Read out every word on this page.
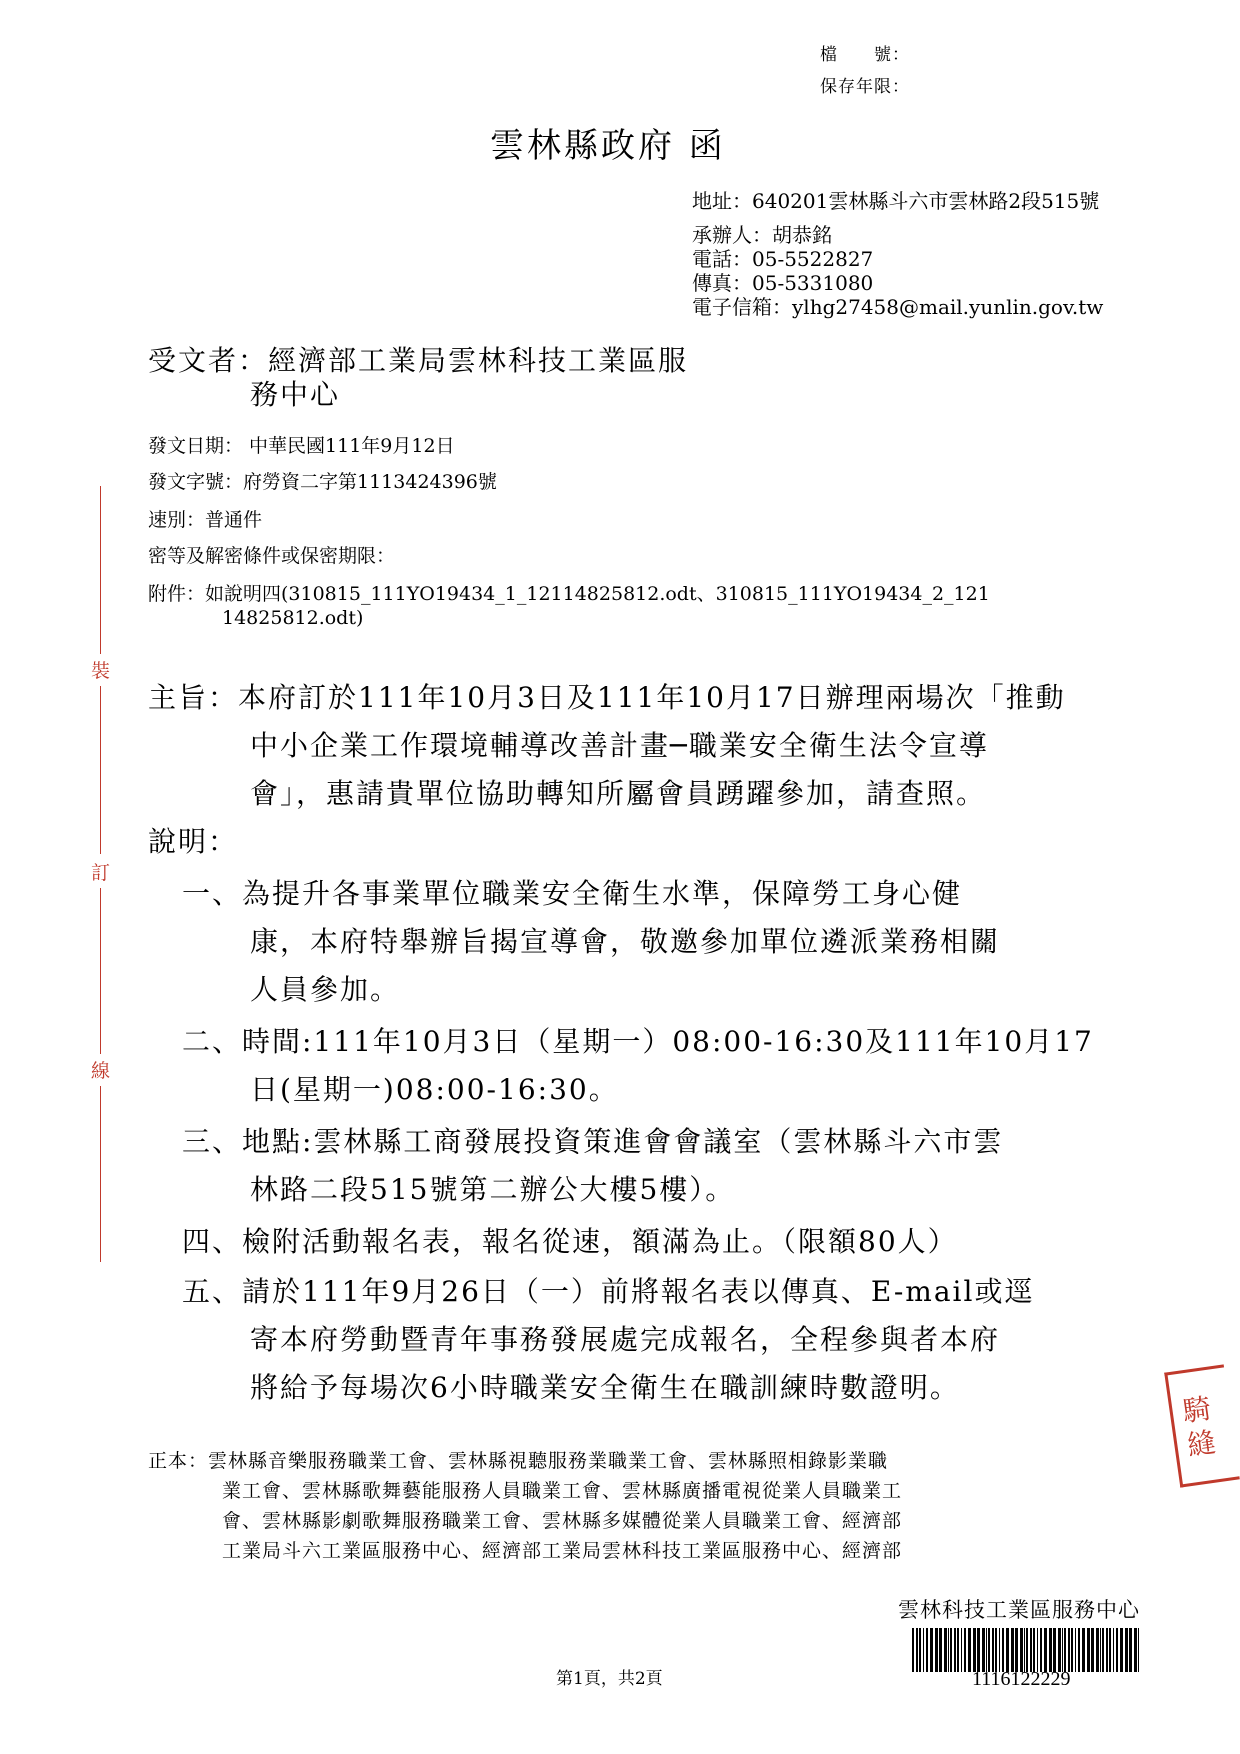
檔　　號：
保存年限：
雲林縣政府 函
地址：640201雲林縣斗六市雲林路2段515號
承辦人：胡恭銘
電話：05-5522827
傳真：05-5331080
電子信箱：ylhg27458@mail.yunlin.gov.tw
受文者：經濟部工業局雲林科技工業區服
務中心
發文日期： 中華民國111年9月12日
發文字號：府勞資二字第1113424396號
速別：普通件
密等及解密條件或保密期限：
附件：如說明四(310815_111YO19434_1_12114825812.odt、310815_111YO19434_2_121
14825812.odt)
裝
訂
線
主旨：本府訂於111年10月3日及111年10月17日辦理兩場次「推動
中小企業工作環境輔導改善計畫─職業安全衛生法令宣導
會」，惠請貴單位協助轉知所屬會員踴躍參加，請查照。
說明：
一、為提升各事業單位職業安全衛生水準，保障勞工身心健
康，本府特舉辦旨揭宣導會，敬邀參加單位遴派業務相關
人員參加。
二、時間:111年10月3日（星期一）08:00-16:30及111年10月17
日(星期一)08:00-16:30。
三、地點:雲林縣工商發展投資策進會會議室（雲林縣斗六市雲
林路二段515號第二辦公大樓5樓）。
四、檢附活動報名表，報名從速，額滿為止。（限額80人）
五、請於111年9月26日（一）前將報名表以傳真、E-mail或逕
寄本府勞動暨青年事務發展處完成報名，全程參與者本府
將給予每場次6小時職業安全衛生在職訓練時數證明。
騎
縫
正本：雲林縣音樂服務職業工會、雲林縣視聽服務業職業工會、雲林縣照相錄影業職
業工會、雲林縣歌舞藝能服務人員職業工會、雲林縣廣播電視從業人員職業工
會、雲林縣影劇歌舞服務職業工會、雲林縣多媒體從業人員職業工會、經濟部
工業局斗六工業區服務中心、經濟部工業局雲林科技工業區服務中心、經濟部
雲林科技工業區服務中心
1116122229
第1頁，共2頁
